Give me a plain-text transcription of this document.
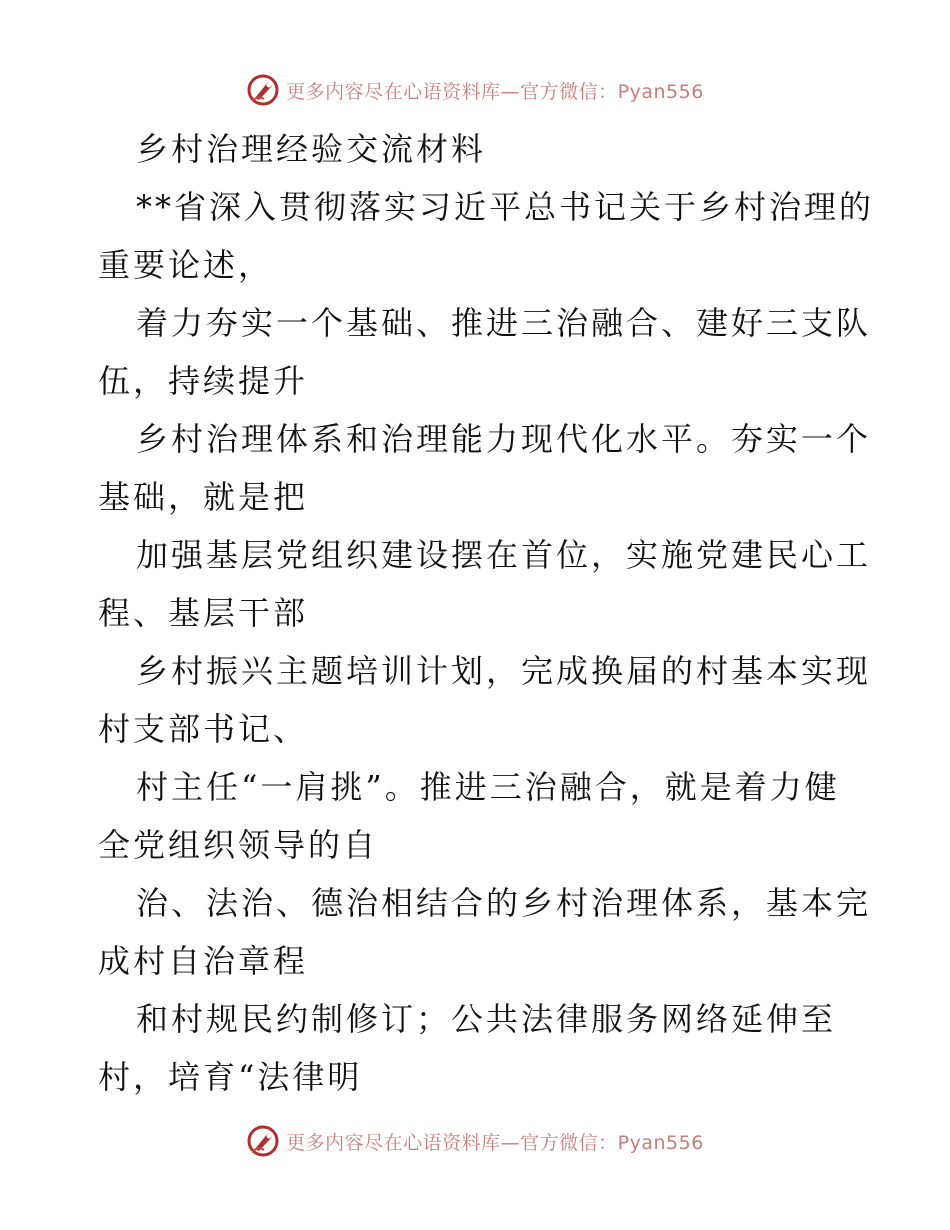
更多内容尽在心语资料库—官方微信：Pyan556
乡村治理经验交流材料
**省深入贯彻落实习近平总书记关于乡村治理的
重要论述，
着力夯实一个基础、推进三治融合、建好三支队
伍，持续提升
乡村治理体系和治理能力现代化水平。夯实一个
基础，就是把
加强基层党组织建设摆在首位，实施党建民心工
程、基层干部
乡村振兴主题培训计划，完成换届的村基本实现
村支部书记、
村主任“一肩挑”。推进三治融合，就是着力健
全党组织领导的自
治、法治、德治相结合的乡村治理体系，基本完
成村自治章程
和村规民约制修订；公共法律服务网络延伸至
村，培育“法律明
更多内容尽在心语资料库—官方微信：Pyan556
